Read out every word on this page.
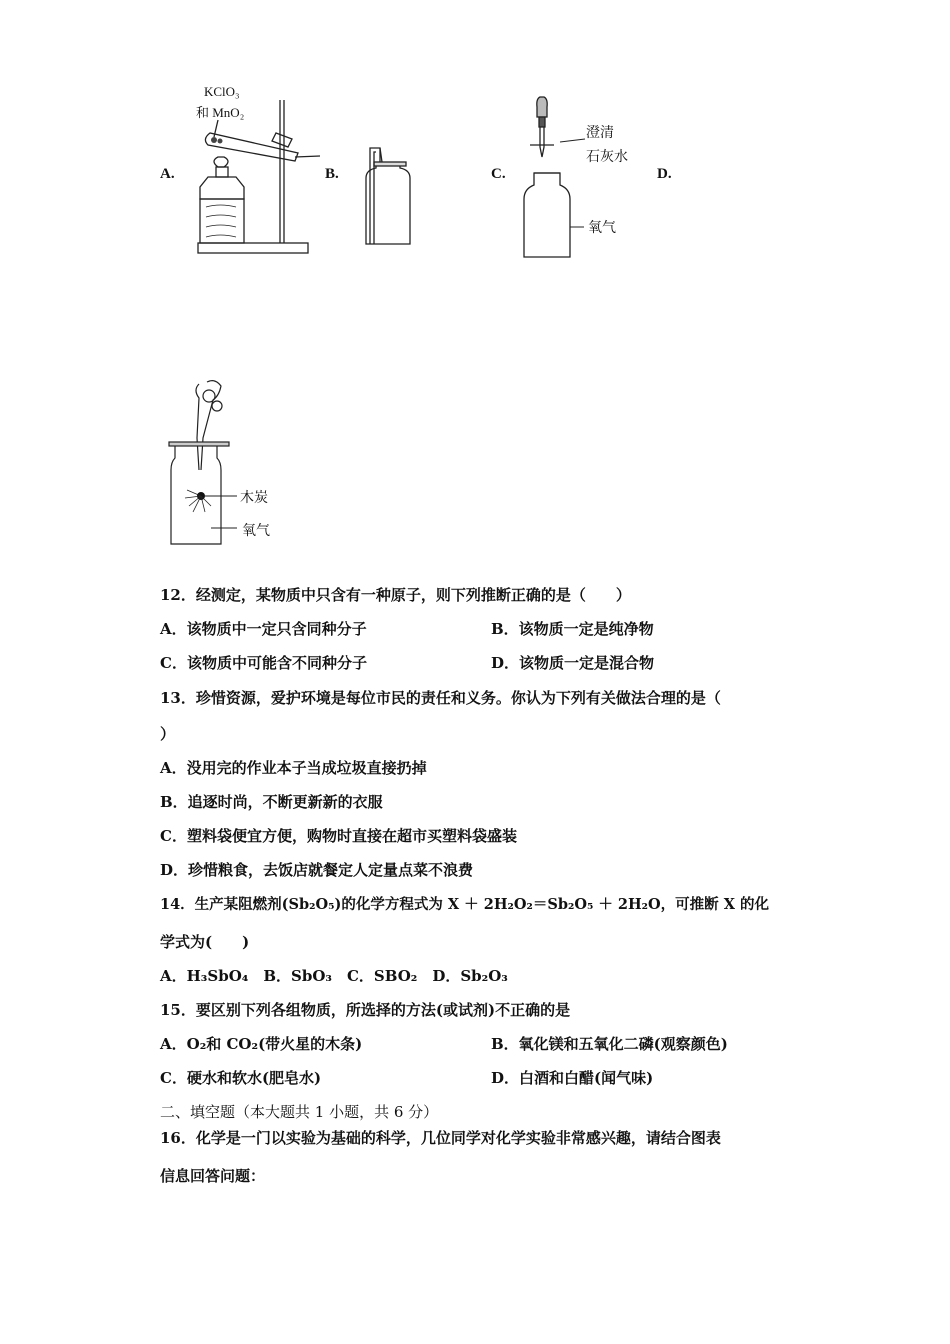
A.	B.	C.	D.
KClO₃
和 MnO₂
澄清
石灰水
氧气
木炭
氧气
12．经测定，某物质中只含有一种原子，则下列推断正确的是（　　）
A．该物质中一定只含同种分子	B．该物质一定是纯净物
C．该物质中可能含不同种分子	D．该物质一定是混合物
13．珍惜资源，爱护环境是每位市民的责任和义务。你认为下列有关做法合理的是（
）
A．没用完的作业本子当成垃圾直接扔掉
B．追逐时尚，不断更新新的衣服
C．塑料袋便宜方便，购物时直接在超市买塑料袋盛装
D．珍惜粮食，去饭店就餐定人定量点菜不浪费
14．生产某阻燃剂(Sb₂O₅)的化学方程式为 X ＋ 2H₂O₂＝Sb₂O₅ ＋ 2H₂O，可推断 X 的化
学式为(　　)
A．H₃SbO₄　B．SbO₃　C．SBO₂　D．Sb₂O₃
15．要区别下列各组物质，所选择的方法(或试剂)不正确的是
A．O₂和 CO₂(带火星的木条)	B．氧化镁和五氧化二磷(观察颜色)
C．硬水和软水(肥皂水)	D．白酒和白醋(闻气味)
二、填空题（本大题共 1 小题，共 6 分）
16．化学是一门以实验为基础的科学，几位同学对化学实验非常感兴趣，请结合图表
信息回答问题：
